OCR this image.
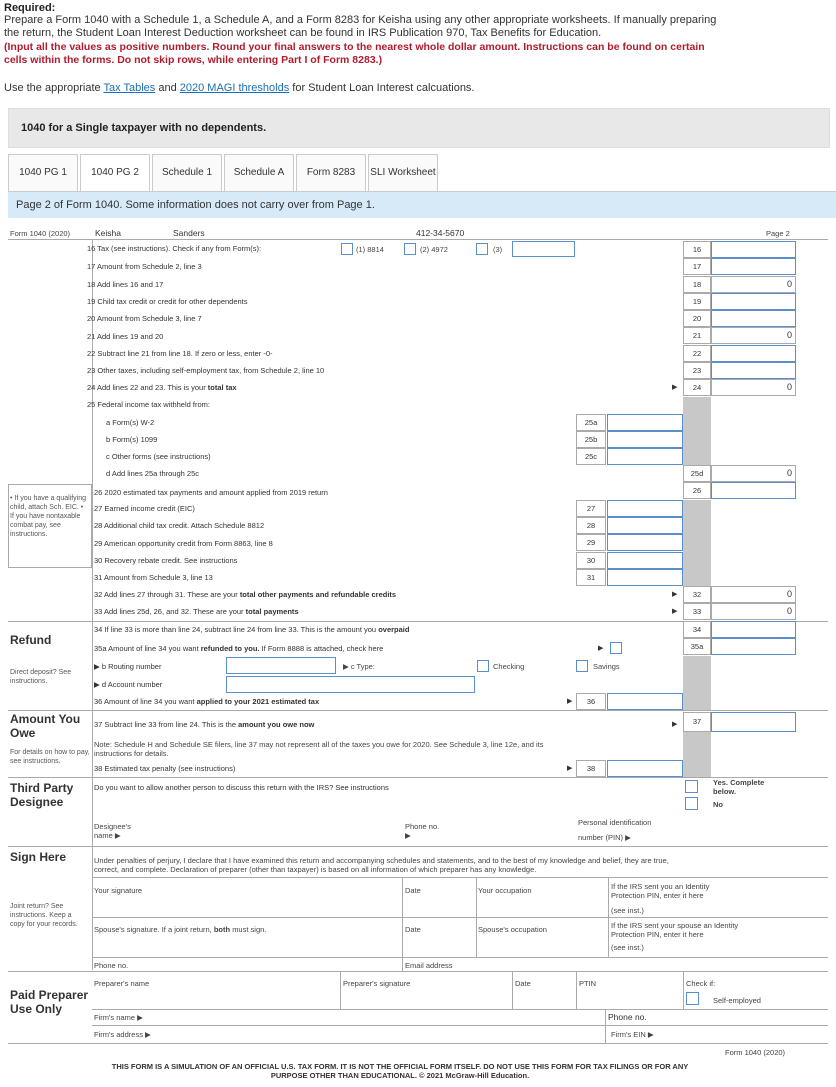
Required:
Prepare a Form 1040 with a Schedule 1, a Schedule A, and a Form 8283 for Keisha using any other appropriate worksheets. If manually preparing the return, the Student Loan Interest Deduction worksheet can be found in IRS Publication 970, Tax Benefits for Education.
(Input all the values as positive numbers. Round your final answers to the nearest whole dollar amount. Instructions can be found on certain cells within the forms. Do not skip rows, while entering Part I of Form 8283.)
Use the appropriate Tax Tables and 2020 MAGI thresholds for Student Loan Interest calcuations.
1040 for a Single taxpayer with no dependents.
1040 PG 1	1040 PG 2	Schedule 1	Schedule A	Form 8283	SLI Worksheet
Page 2 of Form 1040. Some information does not carry over from Page 1.
Form 1040 (2020)	Page 2
Keisha	Sanders	412-34-5670
16 Tax (see instructions). Check if any from Form(s):	(1) 8814	(2) 4972	(3)	16
17 Amount from Schedule 2, line 3	17
18 Add lines 16 and 17	18	0
19 Child tax credit or credit for other dependents	19
20 Amount from Schedule 3, line 7	20
21 Add lines 19 and 20	21	0
22 Subtract line 21 from line 18. If zero or less, enter -0-	22
23 Other taxes, including self-employment tax, from Schedule 2, line 10	23
24 Add lines 22 and 23. This is your total tax	▶	24	0
25 Federal income tax withheld from:
a Form(s) W-2	25a
b Form(s) 1099	25b
c Other forms (see instructions)	25c
d Add lines 25a through 25c	25d	0
• If you have a qualifying child, attach Sch. EIC. • If you have nontaxable combat pay, see instructions.
26 2020 estimated tax payments and amount applied from 2019 return	26
27 Earned income credit (EIC)	27
28 Additional child tax credit. Attach Schedule 8812	28
29 American opportunity credit from Form 8863, line 8	29
30 Recovery rebate credit. See instructions	30
31 Amount from Schedule 3, line 13	31
32 Add lines 27 through 31. These are your total other payments and refundable credits	▶	32	0
33 Add lines 25d, 26, and 32. These are your total payments	▶	33	0
Refund
Direct deposit? See instructions.
34 If line 33 is more than line 24, subtract line 24 from line 33. This is the amount you overpaid	34
35a Amount of line 34 you want refunded to you. If Form 8888 is attached, check here	▶	35a
▶ b Routing number	▶ c Type:	Checking	Savings
▶ d Account number
36 Amount of line 34 you want applied to your 2021 estimated tax	▶	36
Amount You Owe
For details on how to pay, see instructions.
37 Subtract line 33 from line 24. This is the amount you owe now	▶	37
Note: Schedule H and Schedule SE filers, line 37 may not represent all of the taxes you owe for 2020. See Schedule 3, line 12e, and its instructions for details.
38 Estimated tax penalty (see instructions)	▶	38
Third Party Designee
Do you want to allow another person to discuss this return with the IRS? See instructions
Yes. Complete below.
No
Designee's name ▶
Phone no. ▶
Personal identification number (PIN) ▶
Sign Here
Joint return? See instructions. Keep a copy for your records.
Under penalties of perjury, I declare that I have examined this return and accompanying schedules and statements, and to the best of my knowledge and belief, they are true, correct, and complete. Declaration of preparer (other than taxpayer) is based on all information of which preparer has any knowledge.
Your signature	Date	Your occupation	If the IRS sent you an Identity Protection PIN, enter it here
(see inst.)
Spouse's signature. If a joint return, both must sign.	Date	Spouse's occupation	If the IRS sent your spouse an Identity Protection PIN, enter it here
(see inst.)
Phone no.	Email address
Paid Preparer Use Only
Preparer's name	Preparer's signature	Date	PTIN	Check if:
Self-employed
Firm's name ▶	Phone no.
Firm's address ▶	Firm's EIN ▶
Form 1040 (2020)
THIS FORM IS A SIMULATION OF AN OFFICIAL U.S. TAX FORM. IT IS NOT THE OFFICIAL FORM ITSELF. DO NOT USE THIS FORM FOR TAX FILINGS OR FOR ANY PURPOSE OTHER THAN EDUCATIONAL. © 2021 McGraw-Hill Education.
